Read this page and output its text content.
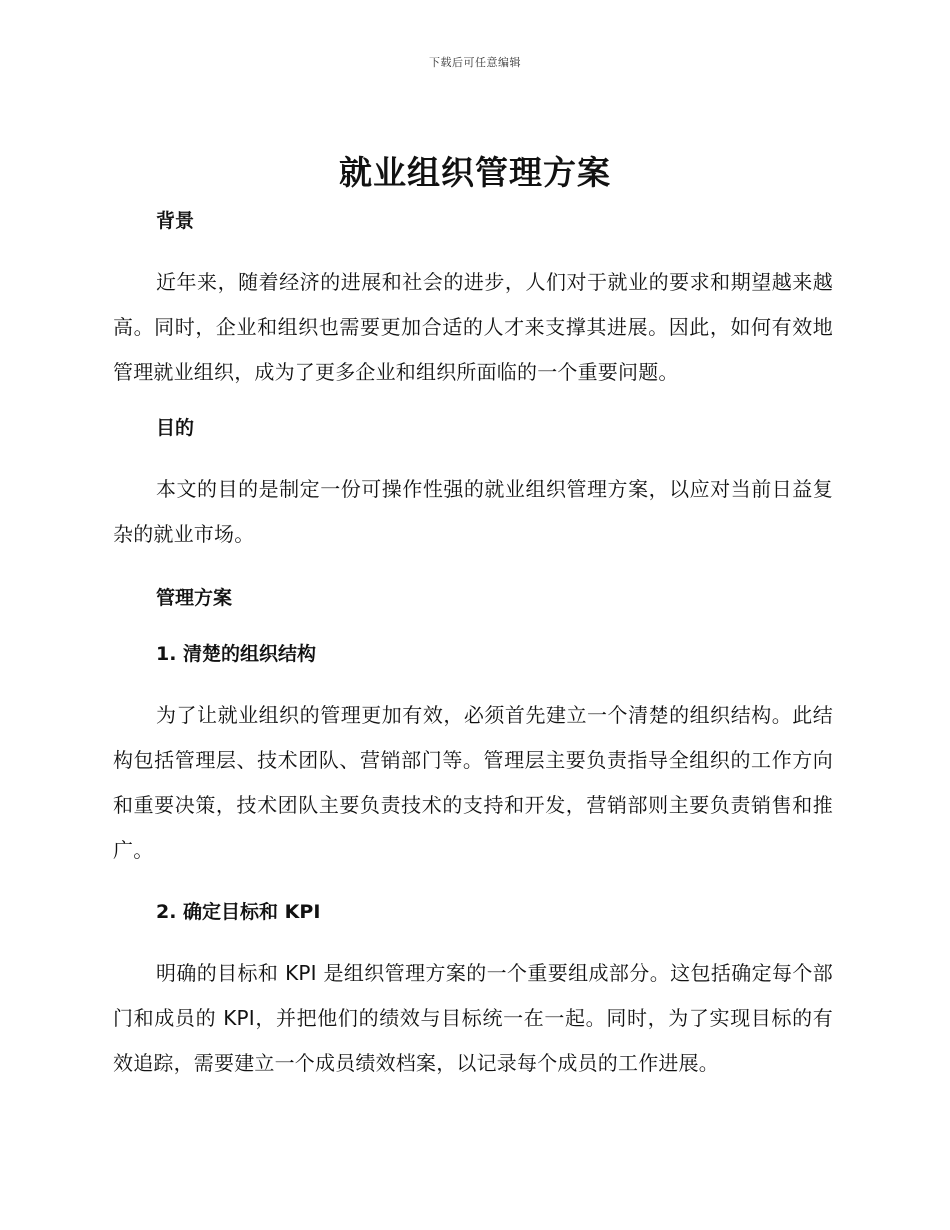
下载后可任意编辑
就业组织管理方案
背景

近年来，随着经济的进展和社会的进步，人们对于就业的要求和期望越来越高。同时，企业和组织也需要更加合适的人才来支撑其进展。因此，如何有效地管理就业组织，成为了更多企业和组织所面临的一个重要问题。

目的

本文的目的是制定一份可操作性强的就业组织管理方案，以应对当前日益复杂的就业市场。

管理方案
1. 清楚的组织结构

为了让就业组织的管理更加有效，必须首先建立一个清楚的组织结构。此结构包括管理层、技术团队、营销部门等。管理层主要负责指导全组织的工作方向和重要决策，技术团队主要负责技术的支持和开发，营销部则主要负责销售和推广。

2. 确定目标和 KPI

明确的目标和 KPI 是组织管理方案的一个重要组成部分。这包括确定每个部门和成员的 KPI，并把他们的绩效与目标统一在一起。同时，为了实现目标的有效追踪，需要建立一个成员绩效档案，以记录每个成员的工作进展。
